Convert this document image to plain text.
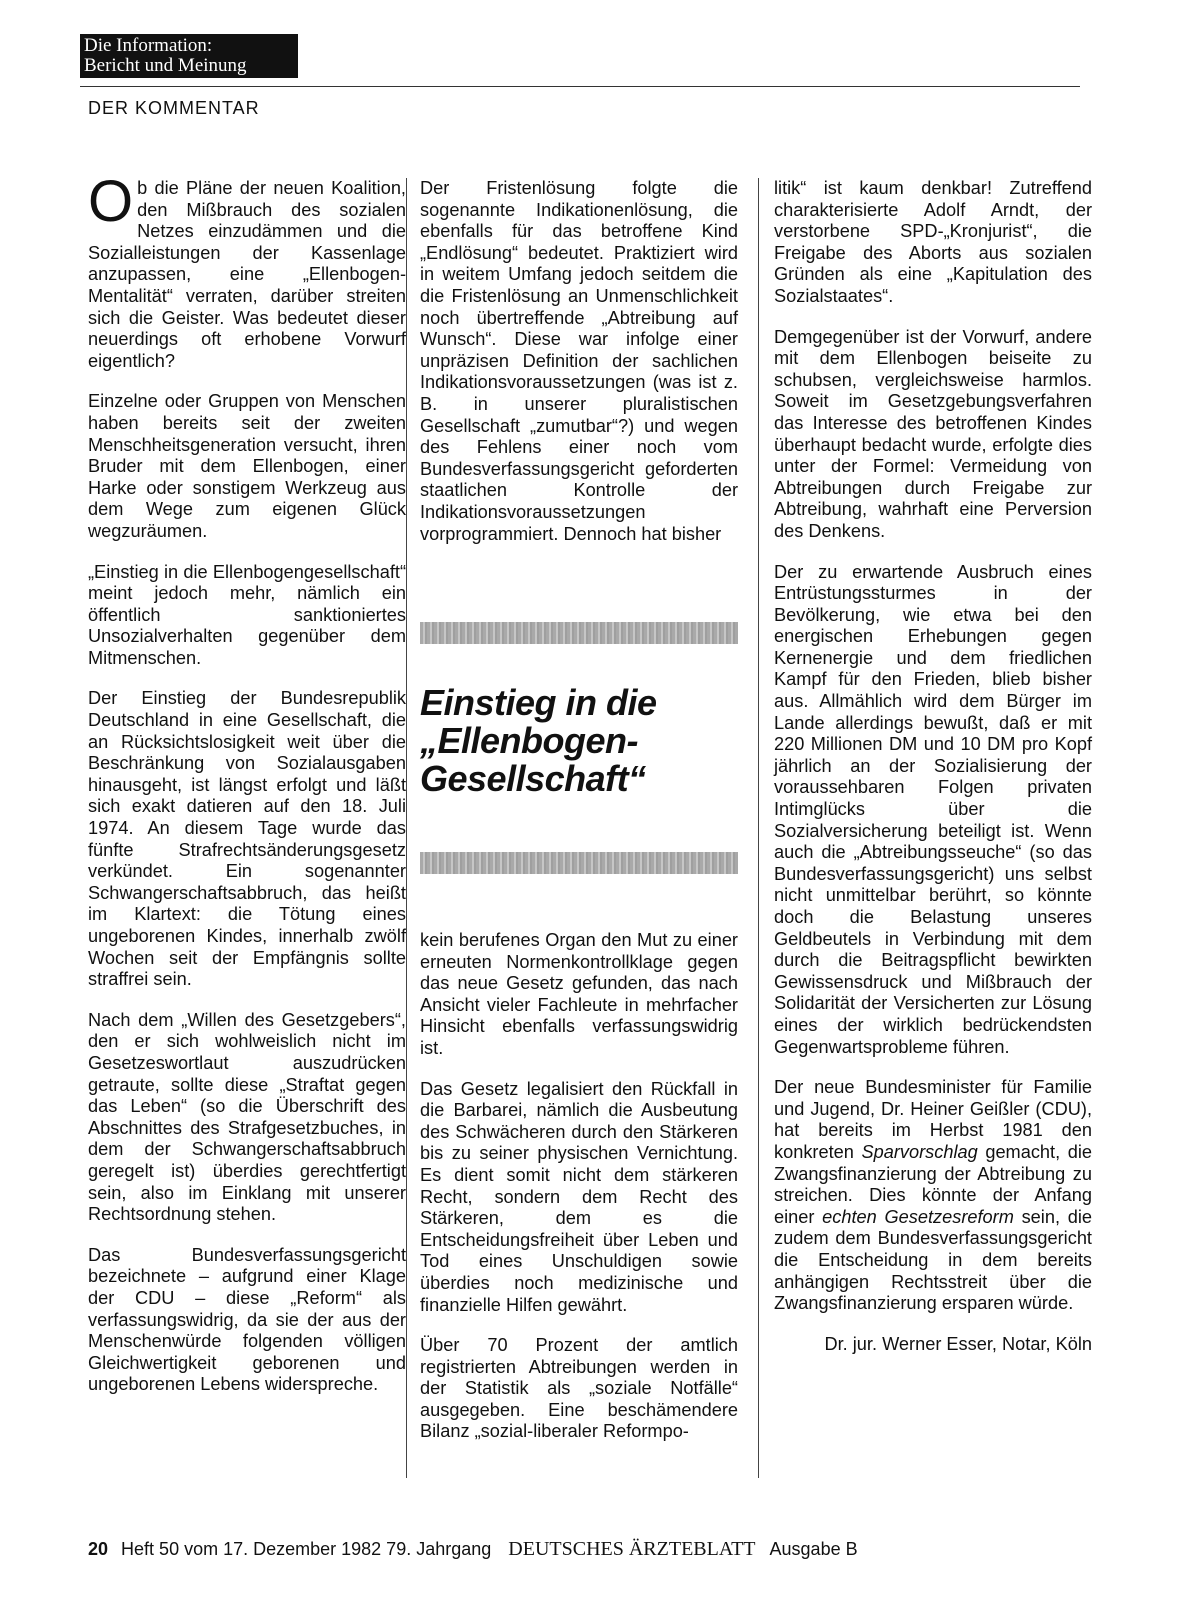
Die Information:
Bericht und Meinung
DER KOMMENTAR

Ob die Pläne der neuen Koalition, den Mißbrauch des sozialen Netzes einzudämmen und die Sozialleistungen der Kassenlage anzupassen, eine „Ellenbogen-Mentalität“ verraten, darüber streiten sich die Geister. Was bedeutet dieser neuerdings oft erhobene Vorwurf eigentlich?

Einzelne oder Gruppen von Menschen haben bereits seit der zweiten Menschheitsgeneration versucht, ihren Bruder mit dem Ellenbogen, einer Harke oder sonstigem Werkzeug aus dem Wege zum eigenen Glück wegzuräumen.

„Einstieg in die Ellenbogengesellschaft“ meint jedoch mehr, nämlich ein öffentlich sanktioniertes Unsozialverhalten gegenüber dem Mitmenschen.

Der Einstieg der Bundesrepublik Deutschland in eine Gesellschaft, die an Rücksichtslosigkeit weit über die Beschränkung von Sozialausgaben hinausgeht, ist längst erfolgt und läßt sich exakt datieren auf den 18. Juli 1974. An diesem Tage wurde das fünfte Strafrechtsänderungsgesetz verkündet. Ein sogenannter Schwangerschaftsabbruch, das heißt im Klartext: die Tötung eines ungeborenen Kindes, innerhalb zwölf Wochen seit der Empfängnis sollte straffrei sein.

Nach dem „Willen des Gesetzgebers“, den er sich wohlweislich nicht im Gesetzeswortlaut auszudrücken getraute, sollte diese „Straftat gegen das Leben“ (so die Überschrift des Abschnittes des Strafgesetzbuches, in dem der Schwangerschaftsabbruch geregelt ist) überdies gerechtfertigt sein, also im Einklang mit unserer Rechtsordnung stehen.

Das Bundesverfassungsgericht bezeichnete – aufgrund einer Klage der CDU – diese „Reform“ als verfassungswidrig, da sie der aus der Menschenwürde folgenden völligen Gleichwertigkeit geborenen und ungeborenen Lebens widerspreche.

Der Fristenlösung folgte die sogenannte Indikationenlösung, die ebenfalls für das betroffene Kind „Endlösung“ bedeutet. Praktiziert wird in weitem Umfang jedoch seitdem die die Fristenlösung an Unmenschlichkeit noch übertreffende „Abtreibung auf Wunsch“. Diese war infolge einer unpräzisen Definition der sachlichen Indikationsvoraussetzungen (was ist z. B. in unserer pluralistischen Gesellschaft „zumutbar“?) und wegen des Fehlens einer noch vom Bundesverfassungsgericht geforderten staatlichen Kontrolle der Indikationsvoraussetzungen vorprogrammiert. Dennoch hat bisher

Einstieg in die
„Ellenbogen-
Gesellschaft“

kein berufenes Organ den Mut zu einer erneuten Normenkontrollklage gegen das neue Gesetz gefunden, das nach Ansicht vieler Fachleute in mehrfacher Hinsicht ebenfalls verfassungswidrig ist.

Das Gesetz legalisiert den Rückfall in die Barbarei, nämlich die Ausbeutung des Schwächeren durch den Stärkeren bis zu seiner physischen Vernichtung. Es dient somit nicht dem stärkeren Recht, sondern dem Recht des Stärkeren, dem es die Entscheidungsfreiheit über Leben und Tod eines Unschuldigen sowie überdies noch medizinische und finanzielle Hilfen gewährt.

Über 70 Prozent der amtlich registrierten Abtreibungen werden in der Statistik als „soziale Notfälle“ ausgegeben. Eine beschämendere Bilanz „sozial-liberaler Reformpo-

litik“ ist kaum denkbar! Zutreffend charakterisierte Adolf Arndt, der verstorbene SPD-„Kronjurist“, die Freigabe des Aborts aus sozialen Gründen als eine „Kapitulation des Sozialstaates“.

Demgegenüber ist der Vorwurf, andere mit dem Ellenbogen beiseite zu schubsen, vergleichsweise harmlos. Soweit im Gesetzgebungsverfahren das Interesse des betroffenen Kindes überhaupt bedacht wurde, erfolgte dies unter der Formel: Vermeidung von Abtreibungen durch Freigabe zur Abtreibung, wahrhaft eine Perversion des Denkens.

Der zu erwartende Ausbruch eines Entrüstungssturmes in der Bevölkerung, wie etwa bei den energischen Erhebungen gegen Kernenergie und dem friedlichen Kampf für den Frieden, blieb bisher aus. Allmählich wird dem Bürger im Lande allerdings bewußt, daß er mit 220 Millionen DM und 10 DM pro Kopf jährlich an der Sozialisierung der voraussehbaren Folgen privaten Intimglücks über die Sozialversicherung beteiligt ist. Wenn auch die „Abtreibungsseuche“ (so das Bundesverfassungsgericht) uns selbst nicht unmittelbar berührt, so könnte doch die Belastung unseres Geldbeutels in Verbindung mit dem durch die Beitragspflicht bewirkten Gewissensdruck und Mißbrauch der Solidarität der Versicherten zur Lösung eines der wirklich bedrückendsten Gegenwartsprobleme führen.

Der neue Bundesminister für Familie und Jugend, Dr. Heiner Geißler (CDU), hat bereits im Herbst 1981 den konkreten Sparvorschlag gemacht, die Zwangsfinanzierung der Abtreibung zu streichen. Dies könnte der Anfang einer echten Gesetzesreform sein, die zudem dem Bundesverfassungsgericht die Entscheidung in dem bereits anhängigen Rechtsstreit über die Zwangsfinanzierung ersparen würde.

Dr. jur. Werner Esser, Notar, Köln

20 Heft 50 vom 17. Dezember 1982 79. Jahrgang DEUTSCHES ÄRZTEBLATT Ausgabe B
